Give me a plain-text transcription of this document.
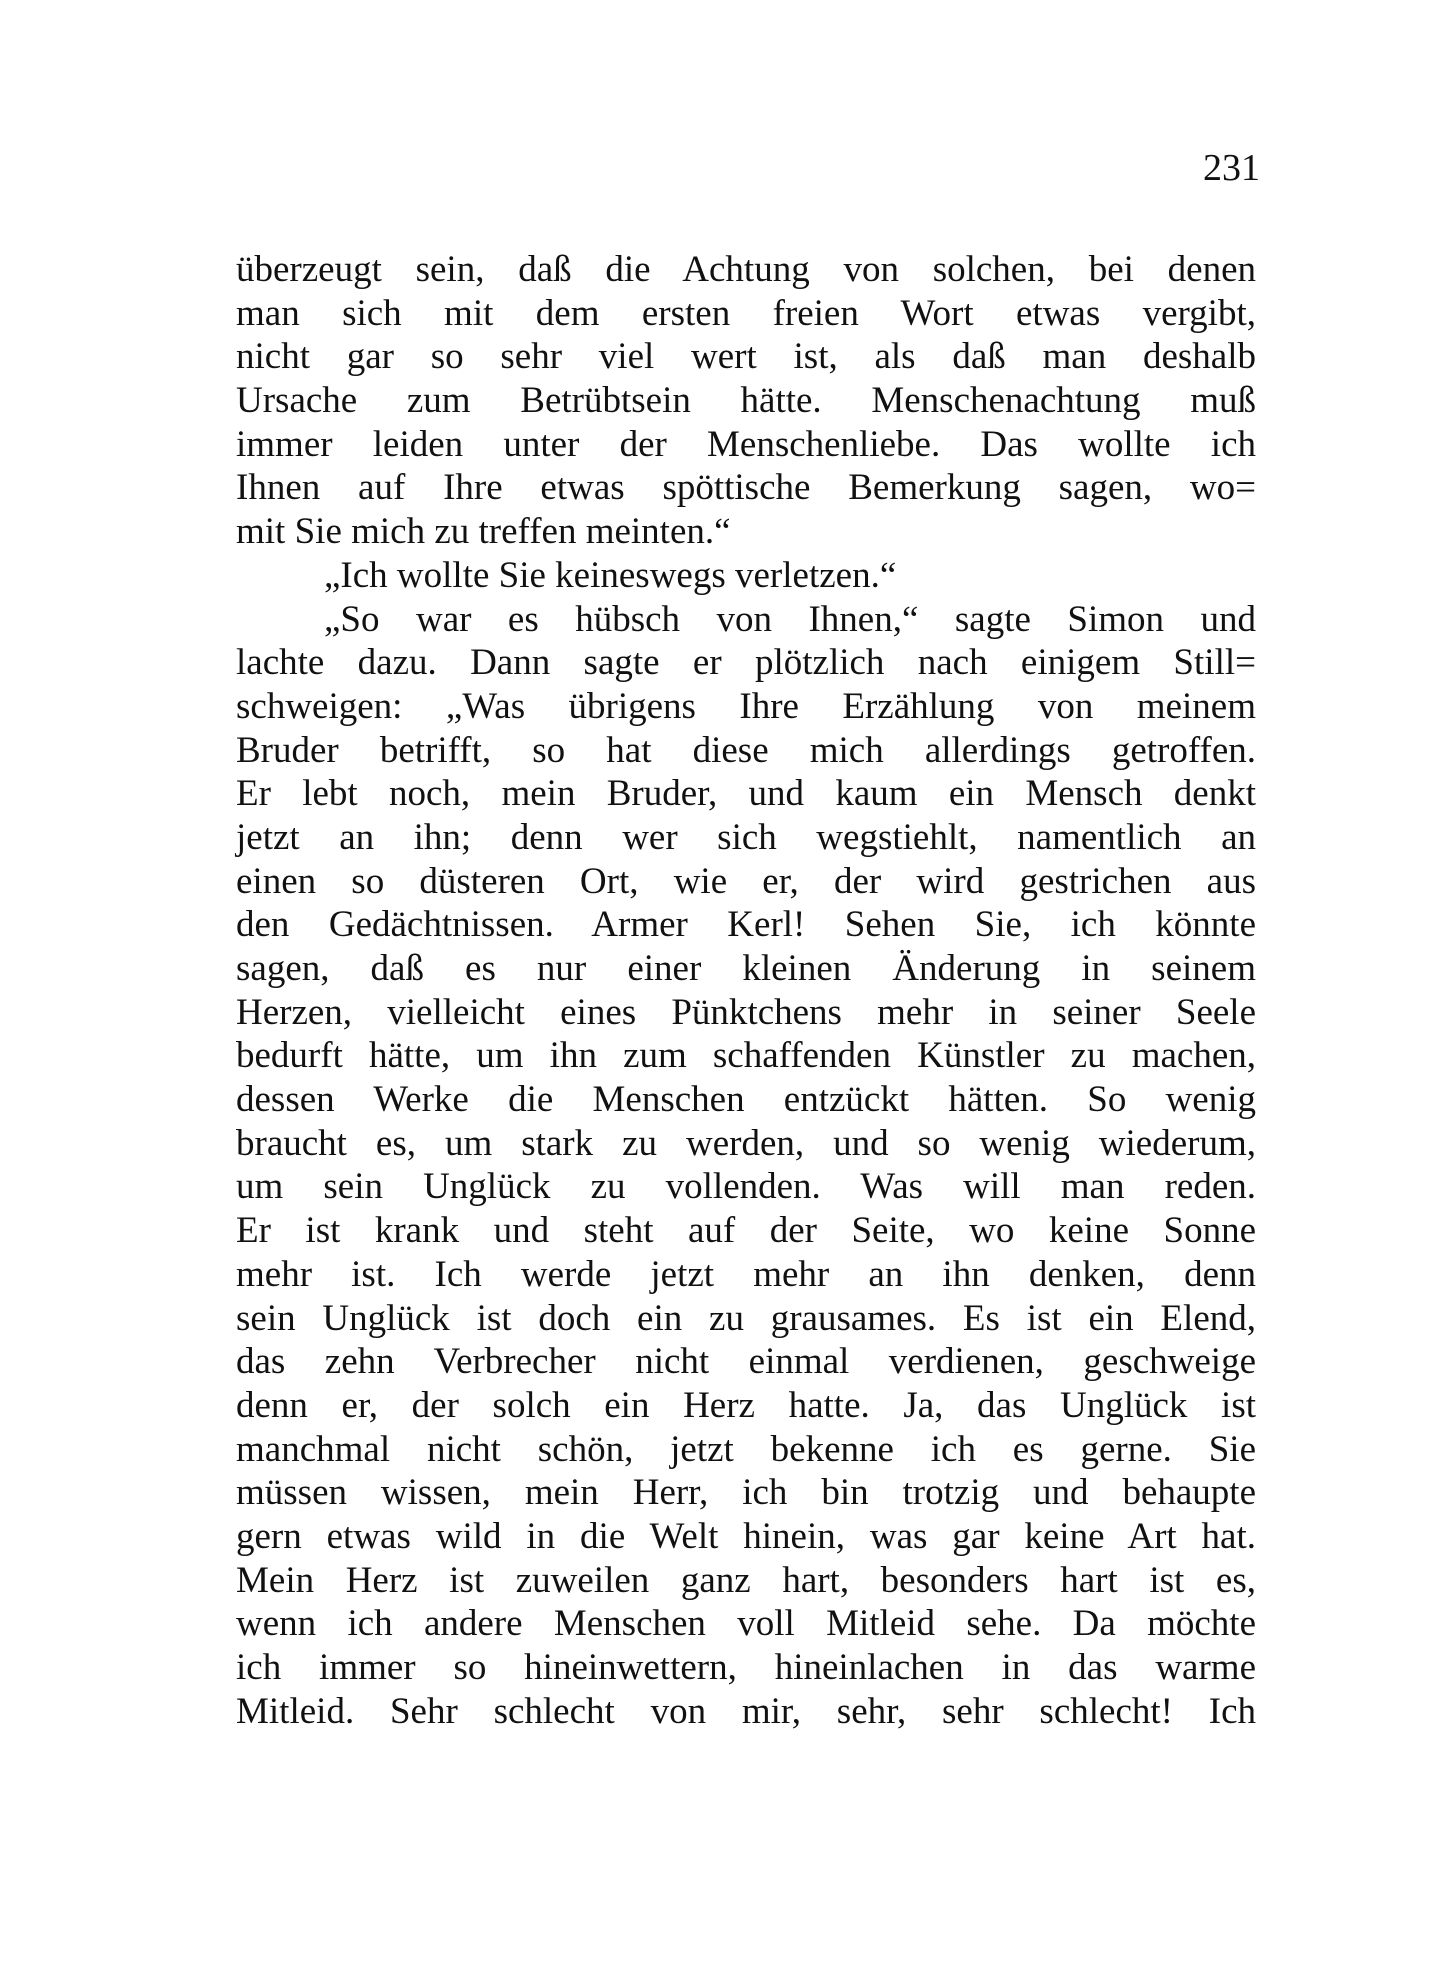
231
überzeugt sein, daß die Achtung von solchen, bei denen
man sich mit dem ersten freien Wort etwas vergibt,
nicht gar so sehr viel wert ist, als daß man deshalb
Ursache zum Betrübtsein hätte. Menschenachtung muß
immer leiden unter der Menschenliebe. Das wollte ich
Ihnen auf Ihre etwas spöttische Bemerkung sagen, wo=
mit Sie mich zu treffen meinten.“
„Ich wollte Sie keineswegs verletzen.“
„So war es hübsch von Ihnen,“ sagte Simon und
lachte dazu. Dann sagte er plötzlich nach einigem Still=
schweigen: „Was übrigens Ihre Erzählung von meinem
Bruder betrifft, so hat diese mich allerdings getroffen.
Er lebt noch, mein Bruder, und kaum ein Mensch denkt
jetzt an ihn; denn wer sich wegstiehlt, namentlich an
einen so düsteren Ort, wie er, der wird gestrichen aus
den Gedächtnissen. Armer Kerl! Sehen Sie, ich könnte
sagen, daß es nur einer kleinen Änderung in seinem
Herzen, vielleicht eines Pünktchens mehr in seiner Seele
bedurft hätte, um ihn zum schaffenden Künstler zu machen,
dessen Werke die Menschen entzückt hätten. So wenig
braucht es, um stark zu werden, und so wenig wiederum,
um sein Unglück zu vollenden. Was will man reden.
Er ist krank und steht auf der Seite, wo keine Sonne
mehr ist. Ich werde jetzt mehr an ihn denken, denn
sein Unglück ist doch ein zu grausames. Es ist ein Elend,
das zehn Verbrecher nicht einmal verdienen, geschweige
denn er, der solch ein Herz hatte. Ja, das Unglück ist
manchmal nicht schön, jetzt bekenne ich es gerne. Sie
müssen wissen, mein Herr, ich bin trotzig und behaupte
gern etwas wild in die Welt hinein, was gar keine Art hat.
Mein Herz ist zuweilen ganz hart, besonders hart ist es,
wenn ich andere Menschen voll Mitleid sehe. Da möchte
ich immer so hineinwettern, hineinlachen in das warme
Mitleid. Sehr schlecht von mir, sehr, sehr schlecht! Ich
